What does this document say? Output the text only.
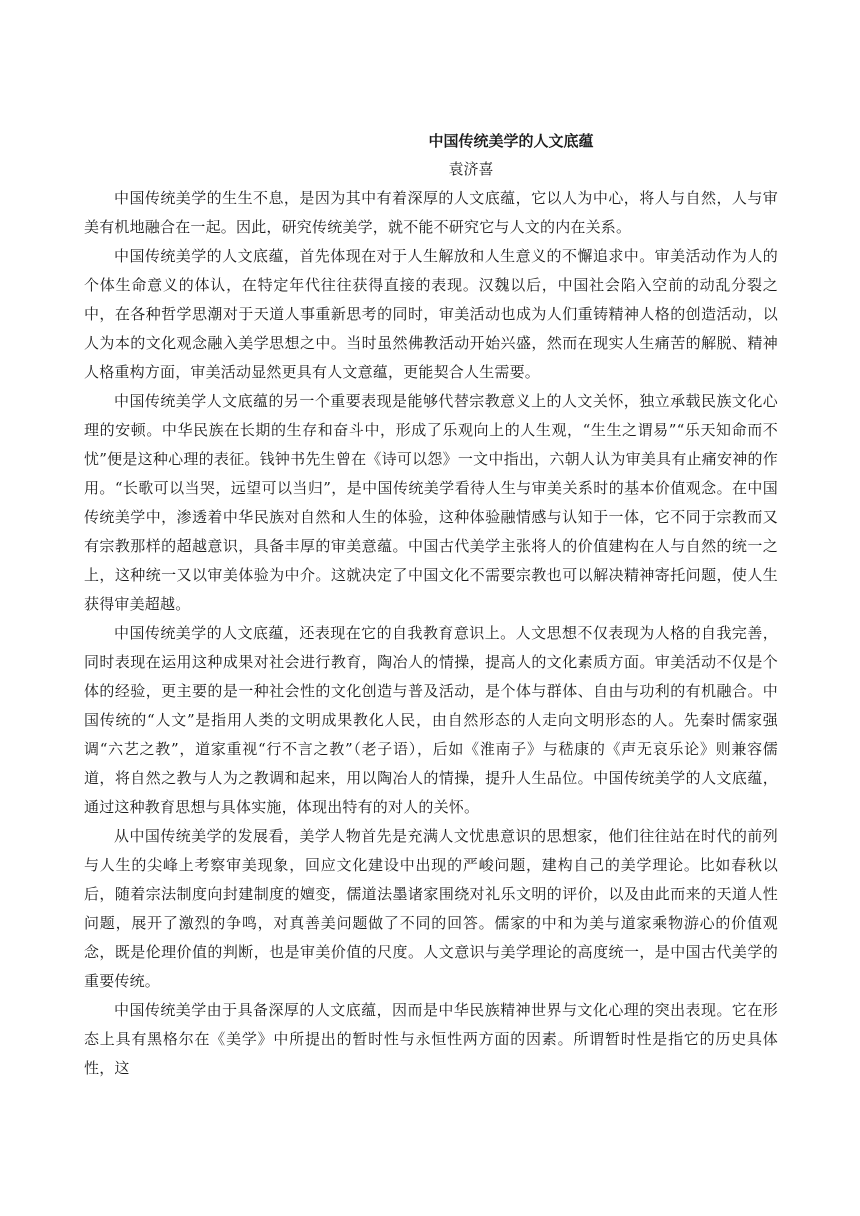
中国传统美学的人文底蕴
袁济喜

中国传统美学的生生不息，是因为其中有着深厚的人文底蕴，它以人为中心，将人与自然，人与审美有机地融合在一起。因此，研究传统美学，就不能不研究它与人文的内在关系。

中国传统美学的人文底蕴，首先体现在对于人生解放和人生意义的不懈追求中。审美活动作为人的个体生命意义的体认，在特定年代往往获得直接的表现。汉魏以后，中国社会陷入空前的动乱分裂之中，在各种哲学思潮对于天道人事重新思考的同时，审美活动也成为人们重铸精神人格的创造活动，以人为本的文化观念融入美学思想之中。当时虽然佛教活动开始兴盛，然而在现实人生痛苦的解脱、精神人格重构方面，审美活动显然更具有人文意蕴，更能契合人生需要。

中国传统美学人文底蕴的另一个重要表现是能够代替宗教意义上的人文关怀，独立承载民族文化心理的安顿。中华民族在长期的生存和奋斗中，形成了乐观向上的人生观，“生生之谓易”“乐天知命而不忧”便是这种心理的表征。钱钟书先生曾在《诗可以怨》一文中指出，六朝人认为审美具有止痛安神的作用。“长歌可以当哭，远望可以当归”，是中国传统美学看待人生与审美关系时的基本价值观念。在中国传统美学中，渗透着中华民族对自然和人生的体验，这种体验融情感与认知于一体，它不同于宗教而又有宗教那样的超越意识，具备丰厚的审美意蕴。中国古代美学主张将人的价值建构在人与自然的统一之上，这种统一又以审美体验为中介。这就决定了中国文化不需要宗教也可以解决精神寄托问题，使人生获得审美超越。

中国传统美学的人文底蕴，还表现在它的自我教育意识上。人文思想不仅表现为人格的自我完善，同时表现在运用这种成果对社会进行教育，陶冶人的情操，提高人的文化素质方面。审美活动不仅是个体的经验，更主要的是一种社会性的文化创造与普及活动，是个体与群体、自由与功利的有机融合。中国传统的“人文”是指用人类的文明成果教化人民，由自然形态的人走向文明形态的人。先秦时儒家强调“六艺之教”，道家重视“行不言之教”（老子语），后如《淮南子》与嵇康的《声无哀乐论》则兼容儒道，将自然之教与人为之教调和起来，用以陶冶人的情操，提升人生品位。中国传统美学的人文底蕴，通过这种教育思想与具体实施，体现出特有的对人的关怀。

从中国传统美学的发展看，美学人物首先是充满人文忧患意识的思想家，他们往往站在时代的前列与人生的尖峰上考察审美现象，回应文化建设中出现的严峻问题，建构自己的美学理论。比如春秋以后，随着宗法制度向封建制度的嬗变，儒道法墨诸家围绕对礼乐文明的评价，以及由此而来的天道人性问题，展开了激烈的争鸣，对真善美问题做了不同的回答。儒家的中和为美与道家乘物游心的价值观念，既是伦理价值的判断，也是审美价值的尺度。人文意识与美学理论的高度统一，是中国古代美学的重要传统。

中国传统美学由于具备深厚的人文底蕴，因而是中华民族精神世界与文化心理的突出表现。它在形态上具有黑格尔在《美学》中所提出的暂时性与永恒性两方面的因素。所谓暂时性是指它的历史具体性，这
